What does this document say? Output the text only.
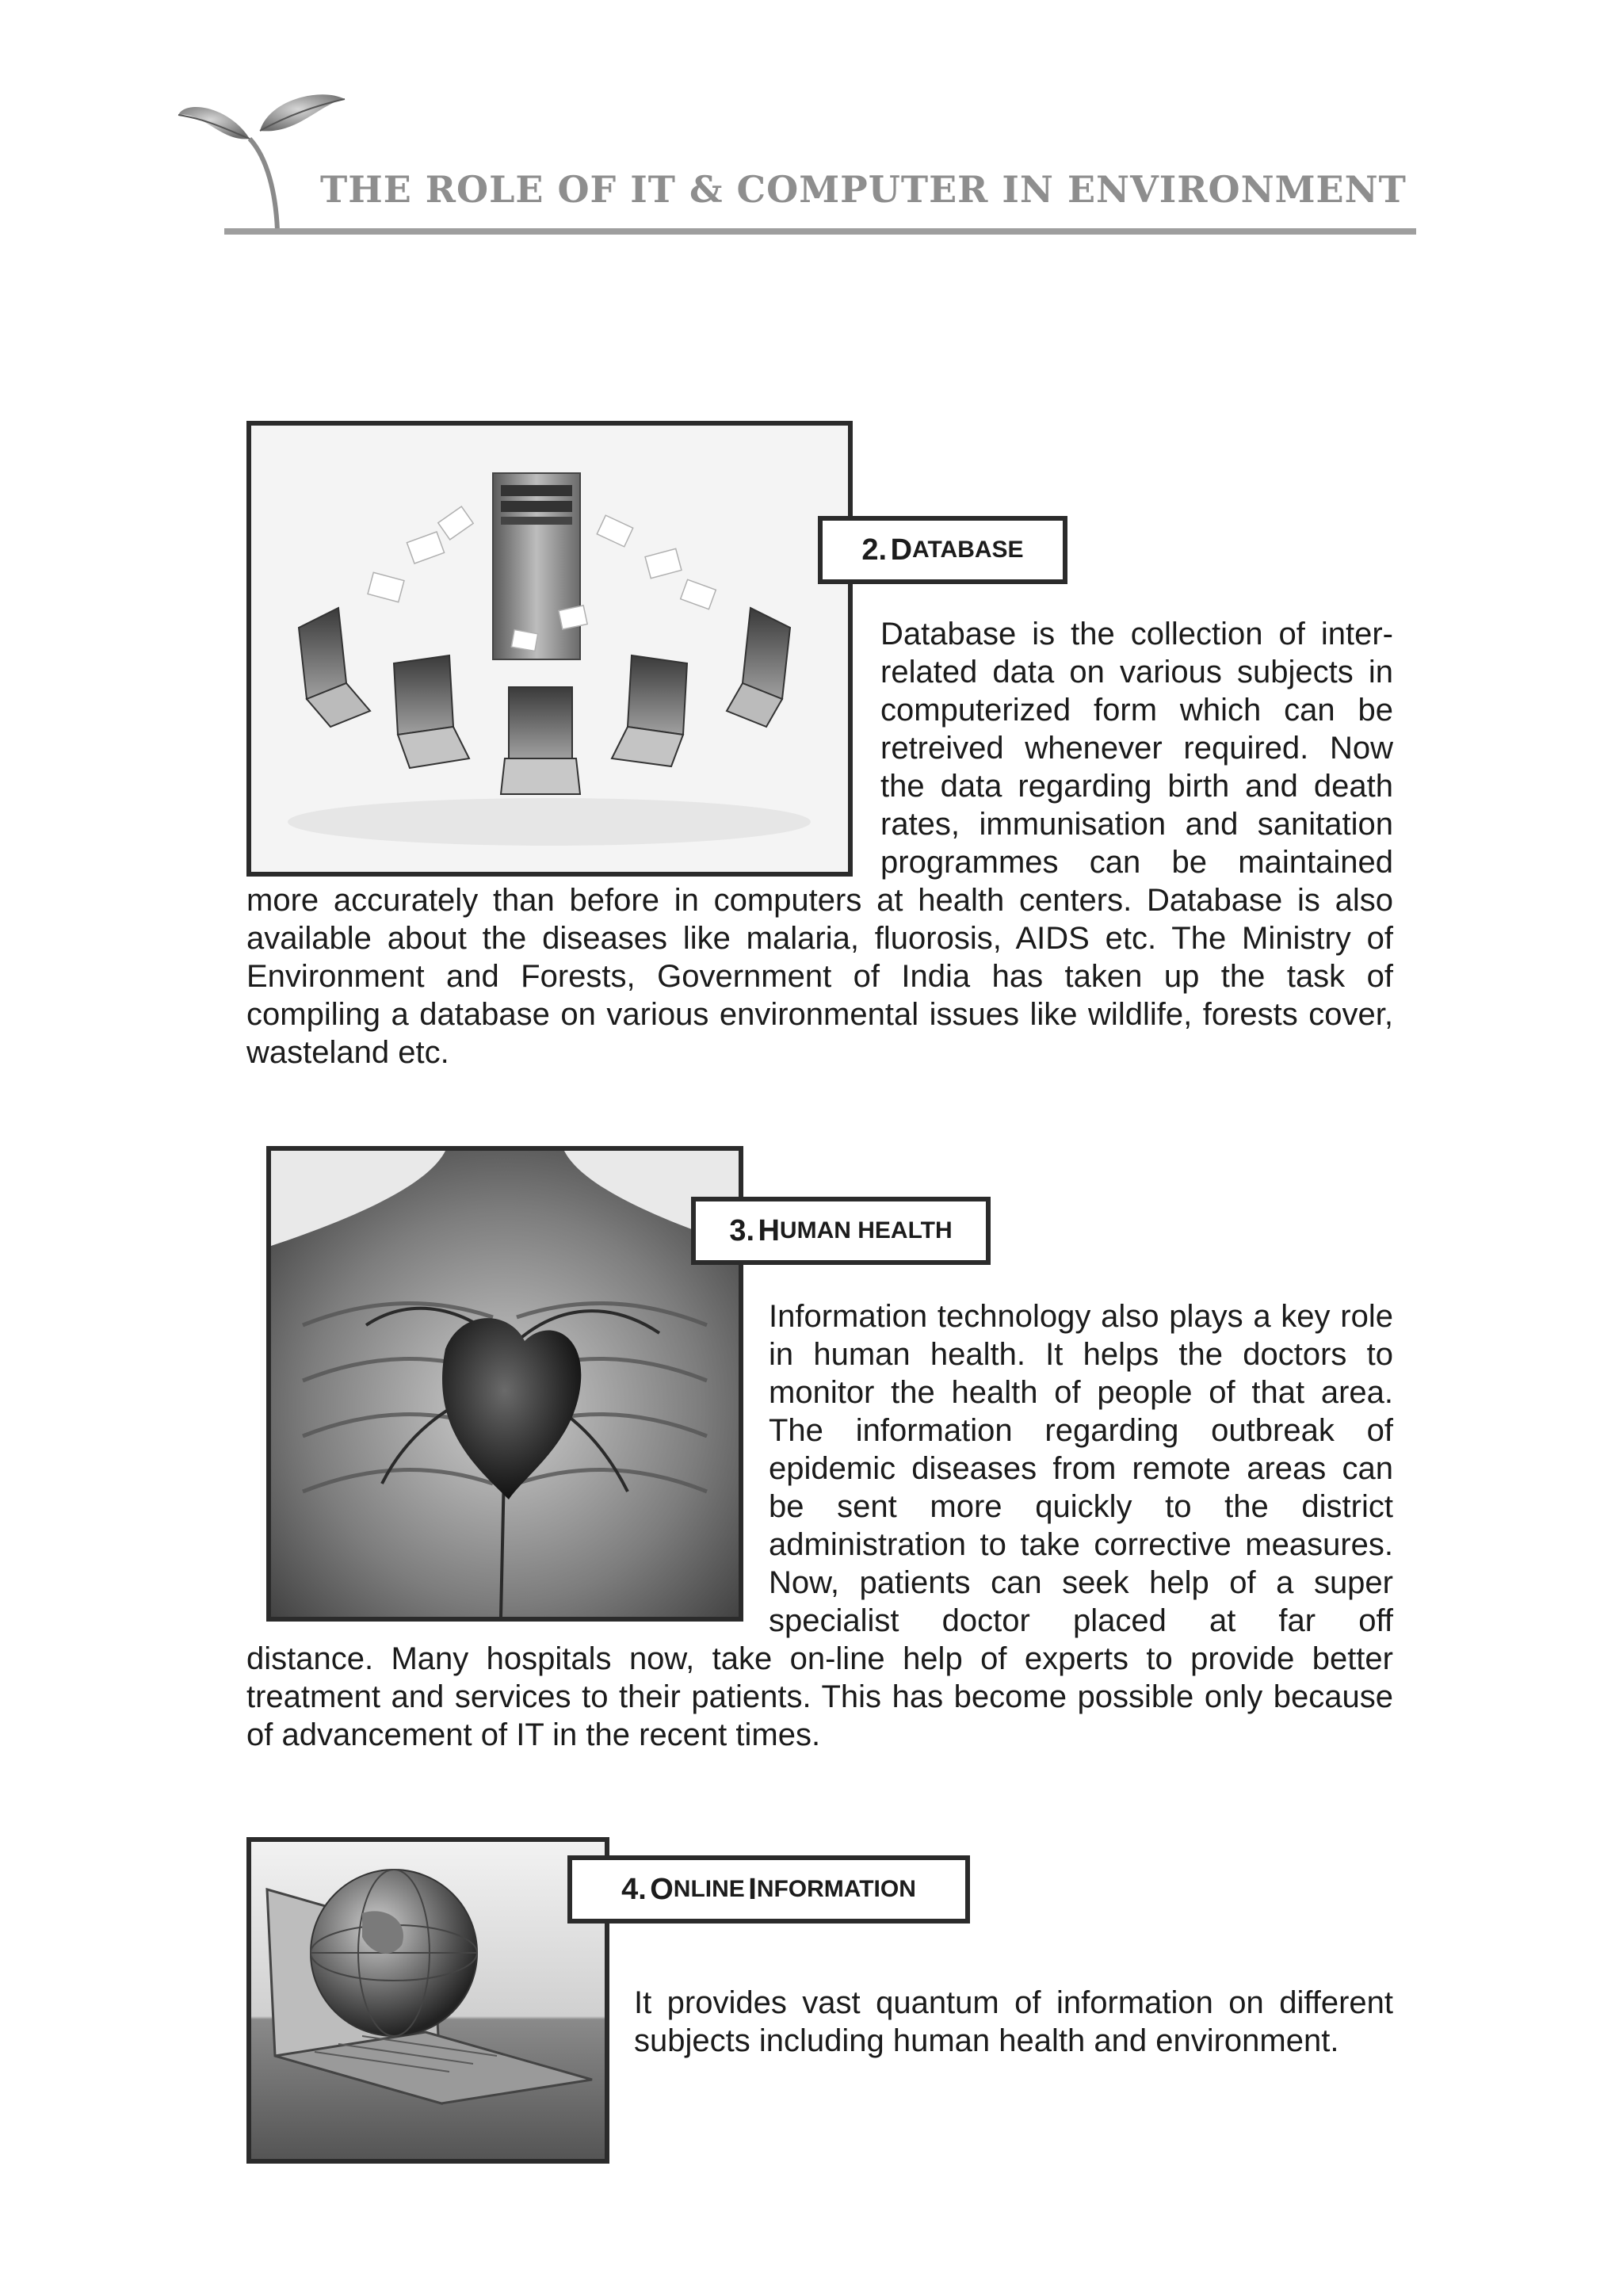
THE ROLE OF IT & COMPUTER IN ENVIRONMENT
2.
D ATABASE
Database is the collection of inter-related data on various subjects in computerized form which can be retreived whenever required. Now the data regarding birth and death rates, immunisation and sanitation programmes can be maintained
more accurately than before in computers at health centers. Database is also available about the diseases like malaria, fluorosis, AIDS etc. The Ministry of Environment and Forests, Government of India has taken up the task of compiling a database on various environmental issues like wildlife, forests cover, wasteland etc.
3.
H UMAN HEALTH
Information technology also plays a key role in human health. It helps the doctors to monitor the health of people of that area. The information regarding outbreak of epidemic diseases from remote areas can be sent more quickly to the district administration to take corrective measures. Now, patients can seek help of a super specialist doctor placed at far off
distance. Many hospitals now, take on-line help of experts to provide better treatment and services to their patients. This has become possible only because of advancement of IT in the recent times.
4.
O NLINE
I NFORMATION
It provides vast quantum of information on different subjects including human health and environment.
